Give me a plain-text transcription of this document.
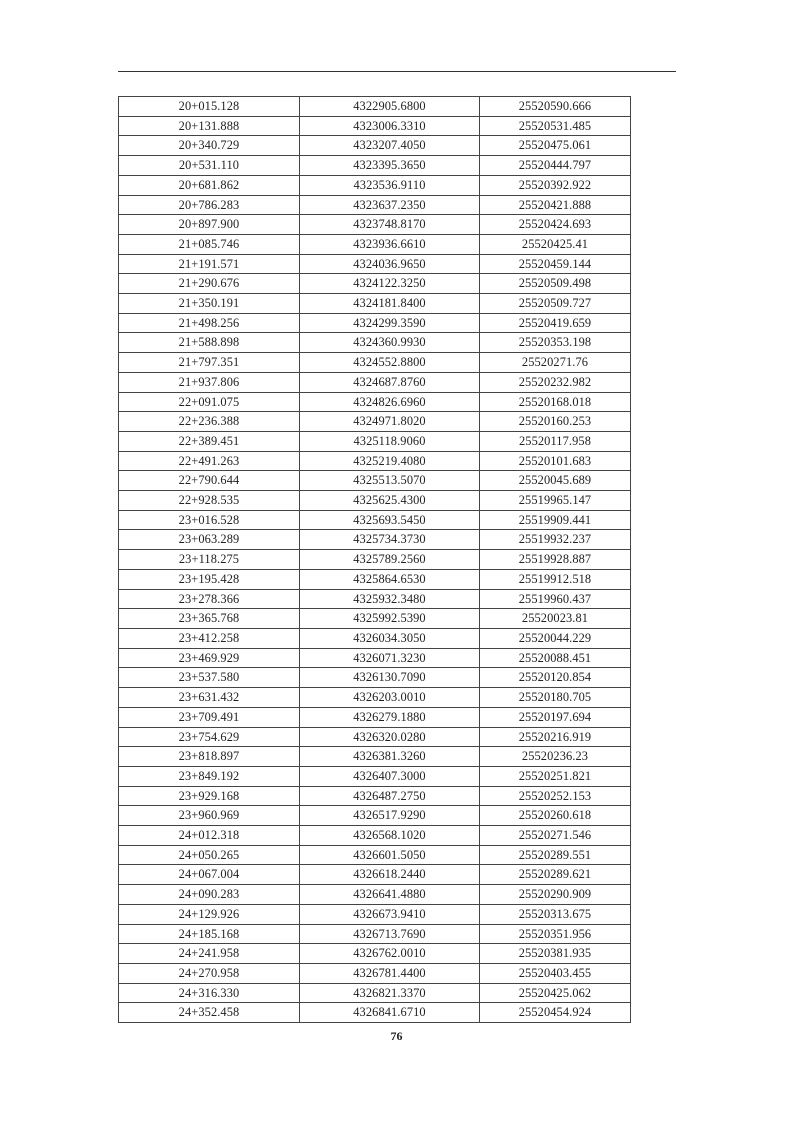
20+015.128	4322905.6800	25520590.666
20+131.888	4323006.3310	25520531.485
20+340.729	4323207.4050	25520475.061
20+531.110	4323395.3650	25520444.797
20+681.862	4323536.9110	25520392.922
20+786.283	4323637.2350	25520421.888
20+897.900	4323748.8170	25520424.693
21+085.746	4323936.6610	25520425.41
21+191.571	4324036.9650	25520459.144
21+290.676	4324122.3250	25520509.498
21+350.191	4324181.8400	25520509.727
21+498.256	4324299.3590	25520419.659
21+588.898	4324360.9930	25520353.198
21+797.351	4324552.8800	25520271.76
21+937.806	4324687.8760	25520232.982
22+091.075	4324826.6960	25520168.018
22+236.388	4324971.8020	25520160.253
22+389.451	4325118.9060	25520117.958
22+491.263	4325219.4080	25520101.683
22+790.644	4325513.5070	25520045.689
22+928.535	4325625.4300	25519965.147
23+016.528	4325693.5450	25519909.441
23+063.289	4325734.3730	25519932.237
23+118.275	4325789.2560	25519928.887
23+195.428	4325864.6530	25519912.518
23+278.366	4325932.3480	25519960.437
23+365.768	4325992.5390	25520023.81
23+412.258	4326034.3050	25520044.229
23+469.929	4326071.3230	25520088.451
23+537.580	4326130.7090	25520120.854
23+631.432	4326203.0010	25520180.705
23+709.491	4326279.1880	25520197.694
23+754.629	4326320.0280	25520216.919
23+818.897	4326381.3260	25520236.23
23+849.192	4326407.3000	25520251.821
23+929.168	4326487.2750	25520252.153
23+960.969	4326517.9290	25520260.618
24+012.318	4326568.1020	25520271.546
24+050.265	4326601.5050	25520289.551
24+067.004	4326618.2440	25520289.621
24+090.283	4326641.4880	25520290.909
24+129.926	4326673.9410	25520313.675
24+185.168	4326713.7690	25520351.956
24+241.958	4326762.0010	25520381.935
24+270.958	4326781.4400	25520403.455
24+316.330	4326821.3370	25520425.062
24+352.458	4326841.6710	25520454.924
76
